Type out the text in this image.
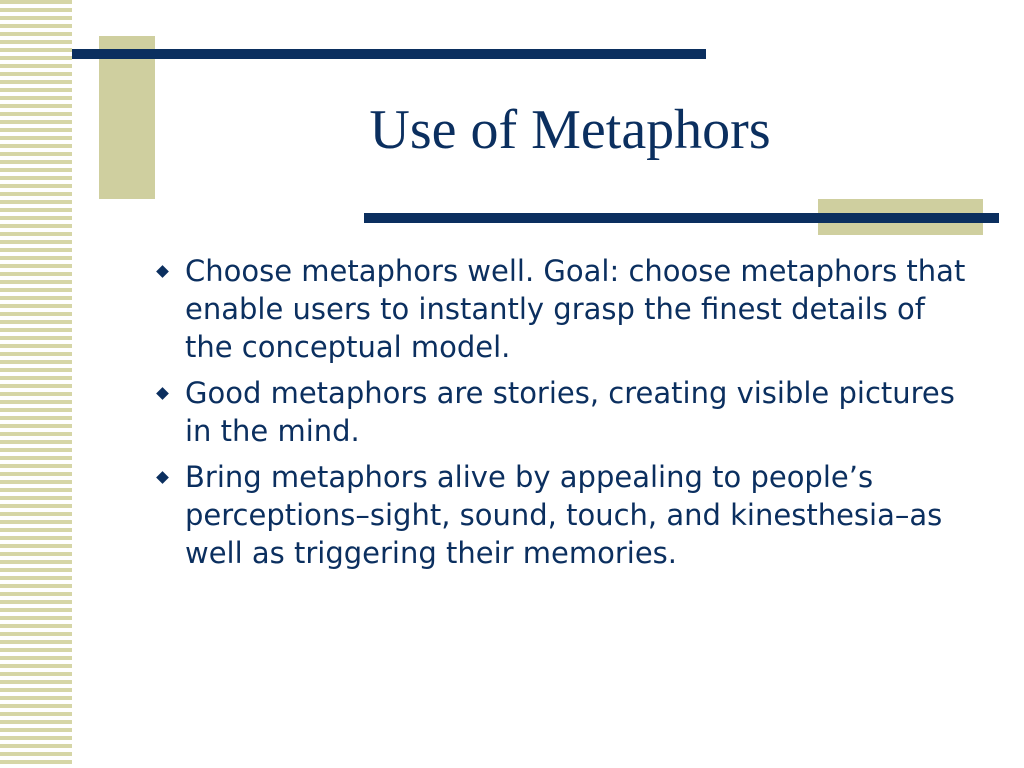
Use of Metaphors
Choose metaphors well. Goal: choose metaphors that enable users to instantly grasp the finest details of the conceptual model.
Good metaphors are stories, creating visible pictures in the mind.
Bring metaphors alive by appealing to people’s perceptions–sight, sound, touch, and kinesthesia–as well as triggering their memories.
